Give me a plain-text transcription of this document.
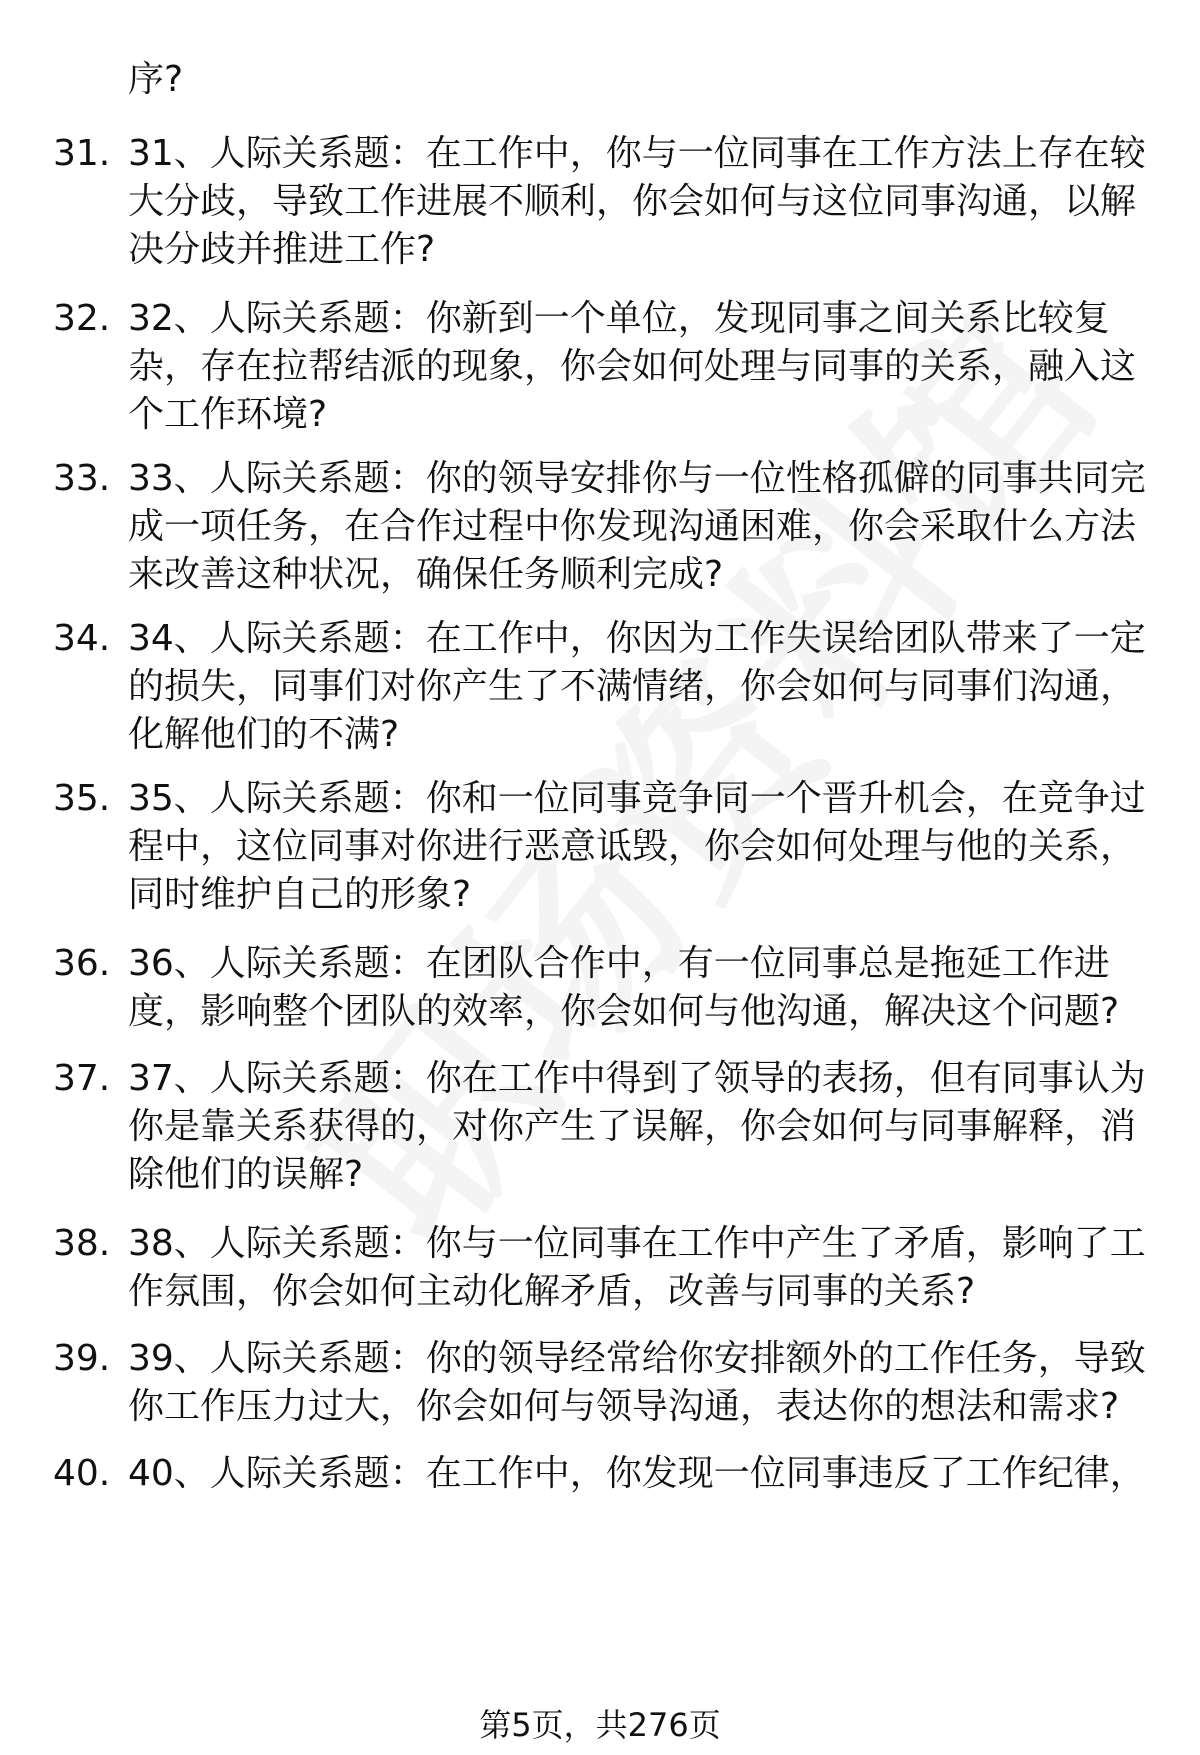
序?
31. 31、人际关系题：在工作中，你与一位同事在工作方法上存在较大分歧，导致工作进展不顺利，你会如何与这位同事沟通，以解决分歧并推进工作?
32. 32、人际关系题：你新到一个单位，发现同事之间关系比较复杂，存在拉帮结派的现象，你会如何处理与同事的关系，融入这个工作环境?
33. 33、人际关系题：你的领导安排你与一位性格孤僻的同事共同完成一项任务，在合作过程中你发现沟通困难，你会采取什么方法来改善这种状况，确保任务顺利完成?
34. 34、人际关系题：在工作中，你因为工作失误给团队带来了一定的损失，同事们对你产生了不满情绪，你会如何与同事们沟通，化解他们的不满?
35. 35、人际关系题：你和一位同事竞争同一个晋升机会，在竞争过程中，这位同事对你进行恶意诋毁，你会如何处理与他的关系，同时维护自己的形象?
36. 36、人际关系题：在团队合作中，有一位同事总是拖延工作进度，影响整个团队的效率，你会如何与他沟通，解决这个问题?
37. 37、人际关系题：你在工作中得到了领导的表扬，但有同事认为你是靠关系获得的，对你产生了误解，你会如何与同事解释，消除他们的误解?
38. 38、人际关系题：你与一位同事在工作中产生了矛盾，影响了工作氛围，你会如何主动化解矛盾，改善与同事的关系?
39. 39、人际关系题：你的领导经常给你安排额外的工作任务，导致你工作压力过大，你会如何与领导沟通，表达你的想法和需求?
40. 40、人际关系题：在工作中，你发现一位同事违反了工作纪律，
第5页，共276页
